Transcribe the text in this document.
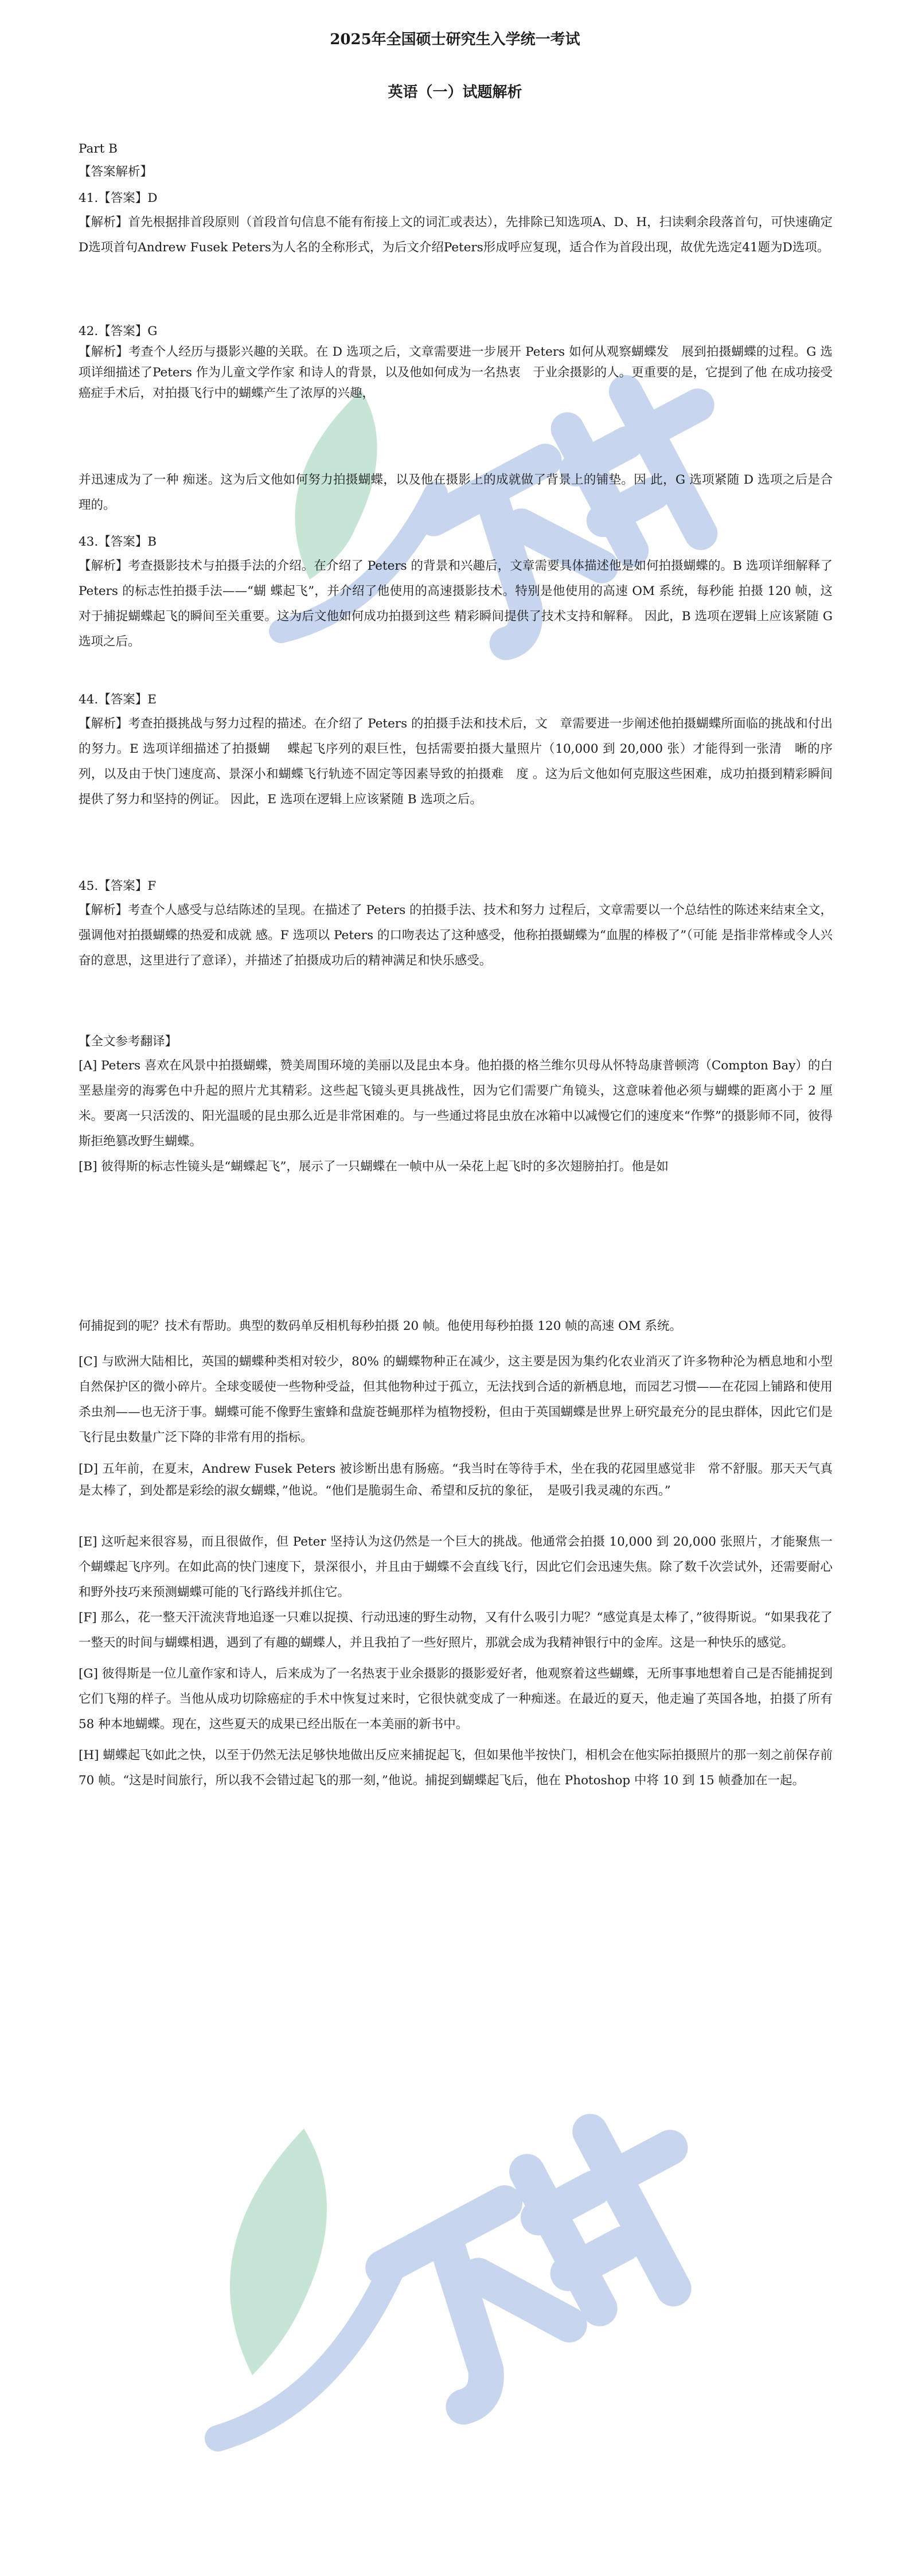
2025年全国硕士研究生入学统一考试
英语（一）试题解析
Part B
【答案解析】
41.【答案】D

【解析】首先根据排首段原则（首段首句信息不能有衔接上文的词汇或表达），先排除已知选项A、D、H，扫读剩余段落首句，可快速确定D选项首句Andrew Fusek Peters为人名的全称形式，为后文介绍Peters形成呼应复现，适合作为首段出现，故优先选定41题为D选项。

42.【答案】G

【解析】考查个人经历与摄影兴趣的关联。在 D 选项之后，文章需要进一步展开 Peters 如何从观察蝴蝶发　展到拍摄蝴蝶的过程。G 选项详细描述了Peters 作为儿童文学作家 和诗人的背景，以及他如何成为一名热衷　于业余摄影的人。更重要的是，它提到了他 在成功接受癌症手术后，对拍摄飞行中的蝴蝶产生了浓厚的兴趣，

并迅速成为了一种 痴迷。这为后文他如何努力拍摄蝴蝶，以及他在摄影上的成就做了背景上的铺垫。因 此，G 选项紧随 D 选项之后是合理的。

43.【答案】B

【解析】考查摄影技术与拍摄手法的介绍。在介绍了 Peters 的背景和兴趣后，文章需要具体描述他是如何拍摄蝴蝶的。B 选项详细解释了 Peters 的标志性拍摄手法——“蝴 蝶起飞”，并介绍了他使用的高速摄影技术。特别是他使用的高速 OM 系统，每秒能 拍摄 120 帧，这对于捕捉蝴蝶起飞的瞬间至关重要。这为后文他如何成功拍摄到这些 精彩瞬间提供了技术支持和解释。 因此，B 选项在逻辑上应该紧随 G 选项之后。

44.【答案】E

【解析】考查拍摄挑战与努力过程的描述。在介绍了 Peters 的拍摄手法和技术后，文　章需要进一步阐述他拍摄蝴蝶所面临的挑战和付出的努力。E 选项详细描述了拍摄蝴　 蝶起飞序列的艰巨性，包括需要拍摄大量照片（10,000 到 20,000 张）才能得到一张清　晰的序列，以及由于快门速度高、景深小和蝴蝶飞行轨迹不固定等因素导致的拍摄难　度 。这为后文他如何克服这些困难，成功拍摄到精彩瞬间提供了努力和坚持的例证。 因此，E 选项在逻辑上应该紧随 B 选项之后。

45.【答案】F

【解析】考查个人感受与总结陈述的呈现。在描述了 Peters 的拍摄手法、技术和努力 过程后，文章需要以一个总结性的陈述来结束全文，强调他对拍摄蝴蝶的热爱和成就 感。F 选项以 Peters 的口吻表达了这种感受，他称拍摄蝴蝶为“血腥的棒极了”（可能 是指非常棒或令人兴奋的意思，这里进行了意译），并描述了拍摄成功后的精神满足和快乐感受。

【全文参考翻译】

[A] Peters 喜欢在风景中拍摄蝴蝶，赞美周围环境的美丽以及昆虫本身。他拍摄的格兰维尔贝母从怀特岛康普顿湾（Compton Bay）的白垩悬崖旁的海雾色中升起的照片尤其精彩。这些起飞镜头更具挑战性，因为它们需要广角镜头，这意味着他必须与蝴蝶的距离小于 2 厘米。要离一只活泼的、阳光温暖的昆虫那么近是非常困难的。与一些通过将昆虫放在冰箱中以减慢它们的速度来“作弊”的摄影师不同，彼得斯拒绝篡改野生蝴蝶。

[B] 彼得斯的标志性镜头是“蝴蝶起飞”，展示了一只蝴蝶在一帧中从一朵花上起飞时的多次翅膀拍打。他是如

何捕捉到的呢？技术有帮助。典型的数码单反相机每秒拍摄 20 帧。他使用每秒拍摄 120 帧的高速 OM 系统。

[C] 与欧洲大陆相比，英国的蝴蝶种类相对较少，80% 的蝴蝶物种正在减少，这主要是因为集约化农业消灭了许多物种沦为栖息地和小型自然保护区的微小碎片。全球变暖使一些物种受益，但其他物种过于孤立，无法找到合适的新栖息地，而园艺习惯——在花园上铺路和使用杀虫剂——也无济于事。蝴蝶可能不像野生蜜蜂和盘旋苍蝇那样为植物授粉，但由于英国蝴蝶是世界上研究最充分的昆虫群体，因此它们是飞行昆虫数量广泛下降的非常有用的指标。

[D] 五年前，在夏末，Andrew Fusek Peters 被诊断出患有肠癌。“我当时在等待手术，坐在我的花园里感觉非　常不舒服。那天天气真是太棒了，到处都是彩绘的淑女蝴蝶，”他说。“他们是脆弱生命、希望和反抗的象征，　是吸引我灵魂的东西。”

[E] 这听起来很容易，而且很做作，但 Peter 坚持认为这仍然是一个巨大的挑战。他通常会拍摄 10,000 到 20,000 张照片，才能聚焦一个蝴蝶起飞序列。在如此高的快门速度下，景深很小，并且由于蝴蝶不会直线飞行，因此它们会迅速失焦。除了数千次尝试外，还需要耐心和野外技巧来预测蝴蝶可能的飞行路线并抓住它。

[F] 那么，花一整天汗流浃背地追逐一只难以捉摸、行动迅速的野生动物，又有什么吸引力呢？“感觉真是太棒了，”彼得斯说。“如果我花了一整天的时间与蝴蝶相遇，遇到了有趣的蝴蝶人，并且我拍了一些好照片，那就会成为我精神银行中的金库。这是一种快乐的感觉。

[G] 彼得斯是一位儿童作家和诗人，后来成为了一名热衷于业余摄影的摄影爱好者，他观察着这些蝴蝶，无所事事地想着自己是否能捕捉到它们飞翔的样子。当他从成功切除癌症的手术中恢复过来时，它很快就变成了一种痴迷。在最近的夏天，他走遍了英国各地，拍摄了所有 58 种本地蝴蝶。现在，这些夏天的成果已经出版在一本美丽的新书中。

[H] 蝴蝶起飞如此之快，以至于仍然无法足够快地做出反应来捕捉起飞，但如果他半按快门，相机会在他实际拍摄照片的那一刻之前保存前 70 帧。“这是时间旅行，所以我不会错过起飞的那一刻，”他说。捕捉到蝴蝶起飞后，他在 Photoshop 中将 10 到 15 帧叠加在一起。
